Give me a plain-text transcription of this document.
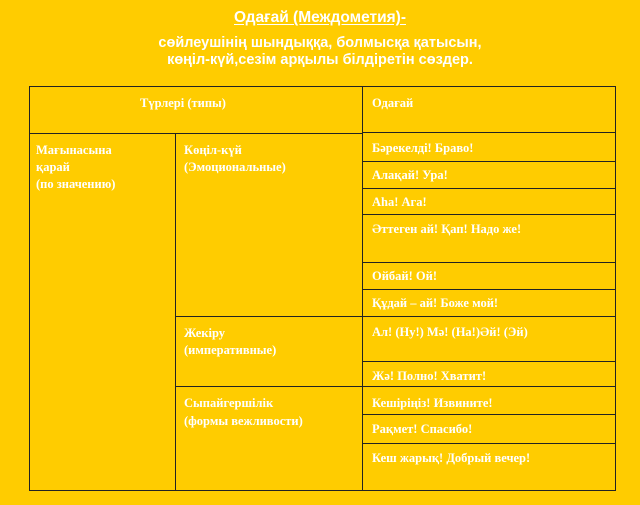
Одағай (Междометия)-
сөйлеушінің шындыққа, болмысқа қатысын,
көңіл-күй,сезім арқылы білдіретін сөздер.
Түрлері (типы)	Одағай
Мағынасына
қарай
(по значению)
Көңіл-күй
(Эмоциональные)
Бәрекелді! Браво!
Алақай! Ура!
Аһа! Ага!
Әттеген ай! Қап! Надо же!
Ойбай! Ой!
Құдай – ай! Боже мой!
Жекіру
(императивные)
Ал! (Ну!) Мә! (На!)Әй! (Эй)
Жә! Полно! Хватит!
Сыпайгершілік
(формы вежливости)
Кешіріңіз! Извините!
Рақмет! Спасибо!
Кеш жарық! Добрый вечер!
